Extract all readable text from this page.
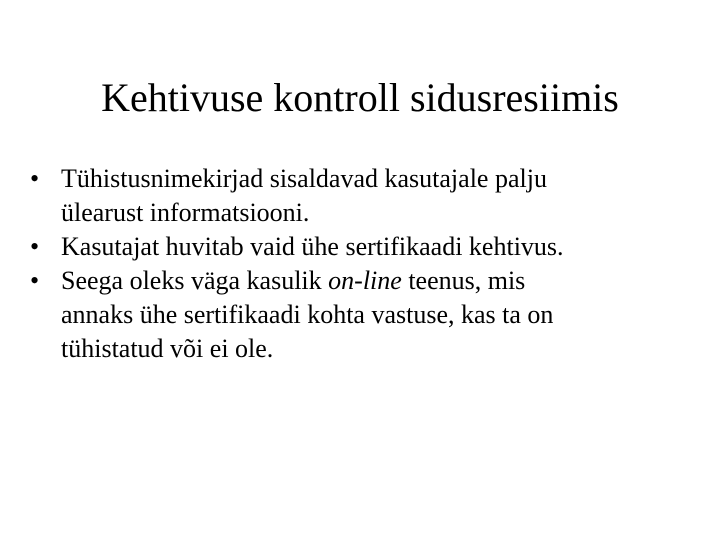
Kehtivuse kontroll sidusresiimis
• Tühistusnimekirjad sisaldavad kasutajale palju
ülearust informatsiooni.
• Kasutajat huvitab vaid ühe sertifikaadi kehtivus.
• Seega oleks väga kasulik on-line teenus, mis
annaks ühe sertifikaadi kohta vastuse, kas ta on
tühistatud või ei ole.
